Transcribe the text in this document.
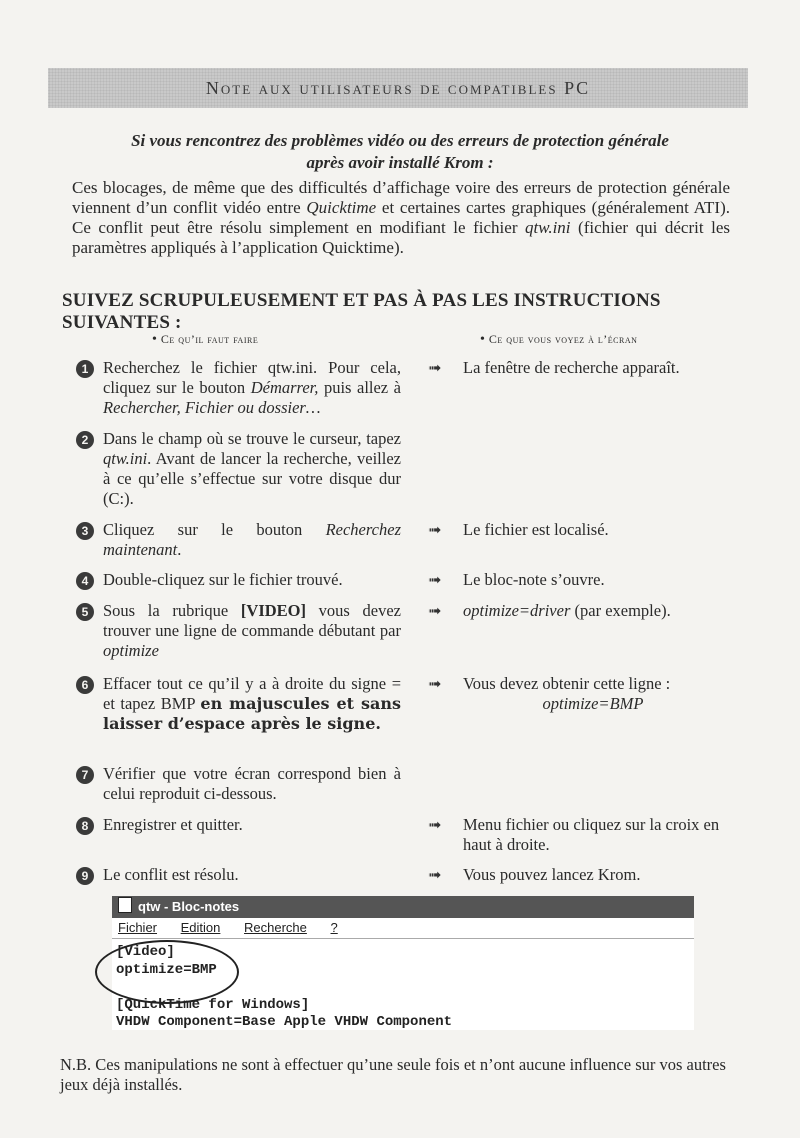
Note aux utilisateurs de compatibles PC
Si vous rencontrez des problèmes vidéo ou des erreurs de protection générale
après avoir installé Krom :
Ces blocages, de même que des difficultés d’affichage voire des erreurs de protection générale viennent d’un conflit vidéo entre Quicktime et certaines cartes graphiques (généralement ATI). Ce conflit peut être résolu simplement en modifiant le fichier qtw.ini (fichier qui décrit les paramètres appliqués à l’application Quicktime).
SUIVEZ SCRUPULEUSEMENT ET PAS À PAS LES INSTRUCTIONS SUIVANTES :
• Ce qu’il faut faire	• Ce que vous voyez à l’écran
1 Recherchez le fichier qtw.ini. Pour cela, cliquez sur le bouton Démarrer, puis allez à Rechercher, Fichier ou dossier…
➟ La fenêtre de recherche apparaît.
2 Dans le champ où se trouve le curseur, tapez qtw.ini. Avant de lancer la recherche, veillez à ce qu’elle s’effectue sur votre disque dur (C:).
3 Cliquez sur le bouton Recherchez maintenant.
➟ Le fichier est localisé.
4 Double-cliquez sur le fichier trouvé.	➟ Le bloc-note s’ouvre.
5 Sous la rubrique [VIDEO] vous devez trouver une ligne de commande débutant par optimize
➟ optimize=driver (par exemple).
6 Effacer tout ce qu’il y a à droite du signe = et tapez BMP en majuscules et sans laisser d’espace après le signe.
➟ Vous devez obtenir cette ligne :
optimize=BMP
7 Vérifier que votre écran correspond bien à celui reproduit ci-dessous.
8 Enregistrer et quitter.	➟ Menu fichier ou cliquez sur la croix en haut à droite.
9 Le conflit est résolu.	➟ Vous pouvez lancez Krom.
qtw - Bloc-notes
Fichier Edition Recherche ?
[Video]
optimize=BMP
[QuickTime for Windows]
VHDW Component=Base Apple VHDW Component
N.B. Ces manipulations ne sont à effectuer qu’une seule fois et n’ont aucune influence sur vos autres jeux déjà installés.
